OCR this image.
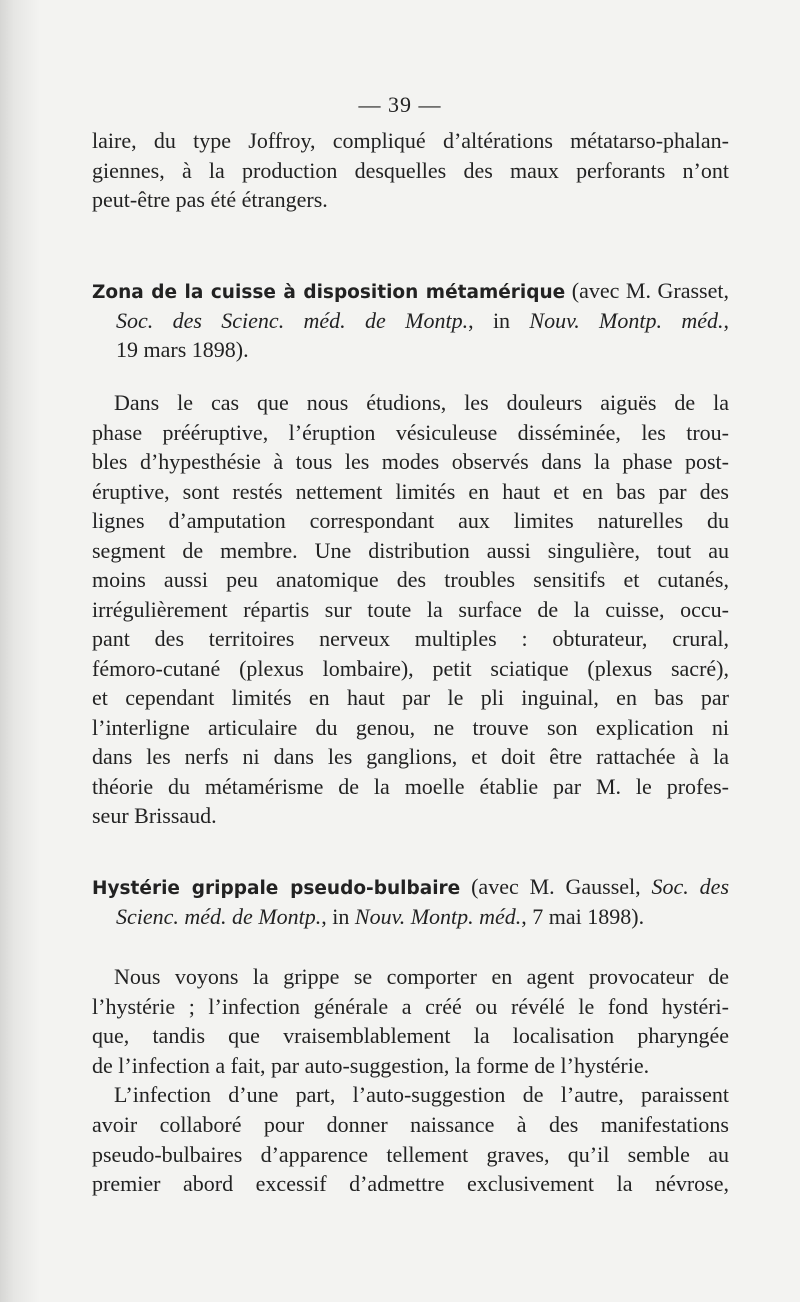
— 39 —
laire, du type Joffroy, compliqué d’altérations métatarso-phalan-
giennes, à la production desquelles des maux perforants n’ont
peut-être pas été étrangers.
Zona de la cuisse à disposition métamérique (avec M. Grasset,
Soc. des Scienc. méd. de Montp., in Nouv. Montp. méd.,
19 mars 1898).
Dans le cas que nous étudions, les douleurs aiguës de la
phase prééruptive, l’éruption vésiculeuse disséminée, les trou-
bles d’hypesthésie à tous les modes observés dans la phase post-
éruptive, sont restés nettement limités en haut et en bas par des
lignes d’amputation correspondant aux limites naturelles du
segment de membre. Une distribution aussi singulière, tout au
moins aussi peu anatomique des troubles sensitifs et cutanés,
irrégulièrement répartis sur toute la surface de la cuisse, occu-
pant des territoires nerveux multiples : obturateur, crural,
fémoro-cutané (plexus lombaire), petit sciatique (plexus sacré),
et cependant limités en haut par le pli inguinal, en bas par
l’interligne articulaire du genou, ne trouve son explication ni
dans les nerfs ni dans les ganglions, et doit être rattachée à la
théorie du métamérisme de la moelle établie par M. le profes-
seur Brissaud.
Hystérie grippale pseudo-bulbaire (avec M. Gaussel, Soc. des
Scienc. méd. de Montp., in Nouv. Montp. méd., 7 mai 1898).
Nous voyons la grippe se comporter en agent provocateur de
l’hystérie ; l’infection générale a créé ou révélé le fond hystéri-
que, tandis que vraisemblablement la localisation pharyngée
de l’infection a fait, par auto-suggestion, la forme de l’hystérie.
L’infection d’une part, l’auto-suggestion de l’autre, paraissent
avoir collaboré pour donner naissance à des manifestations
pseudo-bulbaires d’apparence tellement graves, qu’il semble au
premier abord excessif d’admettre exclusivement la névrose,
